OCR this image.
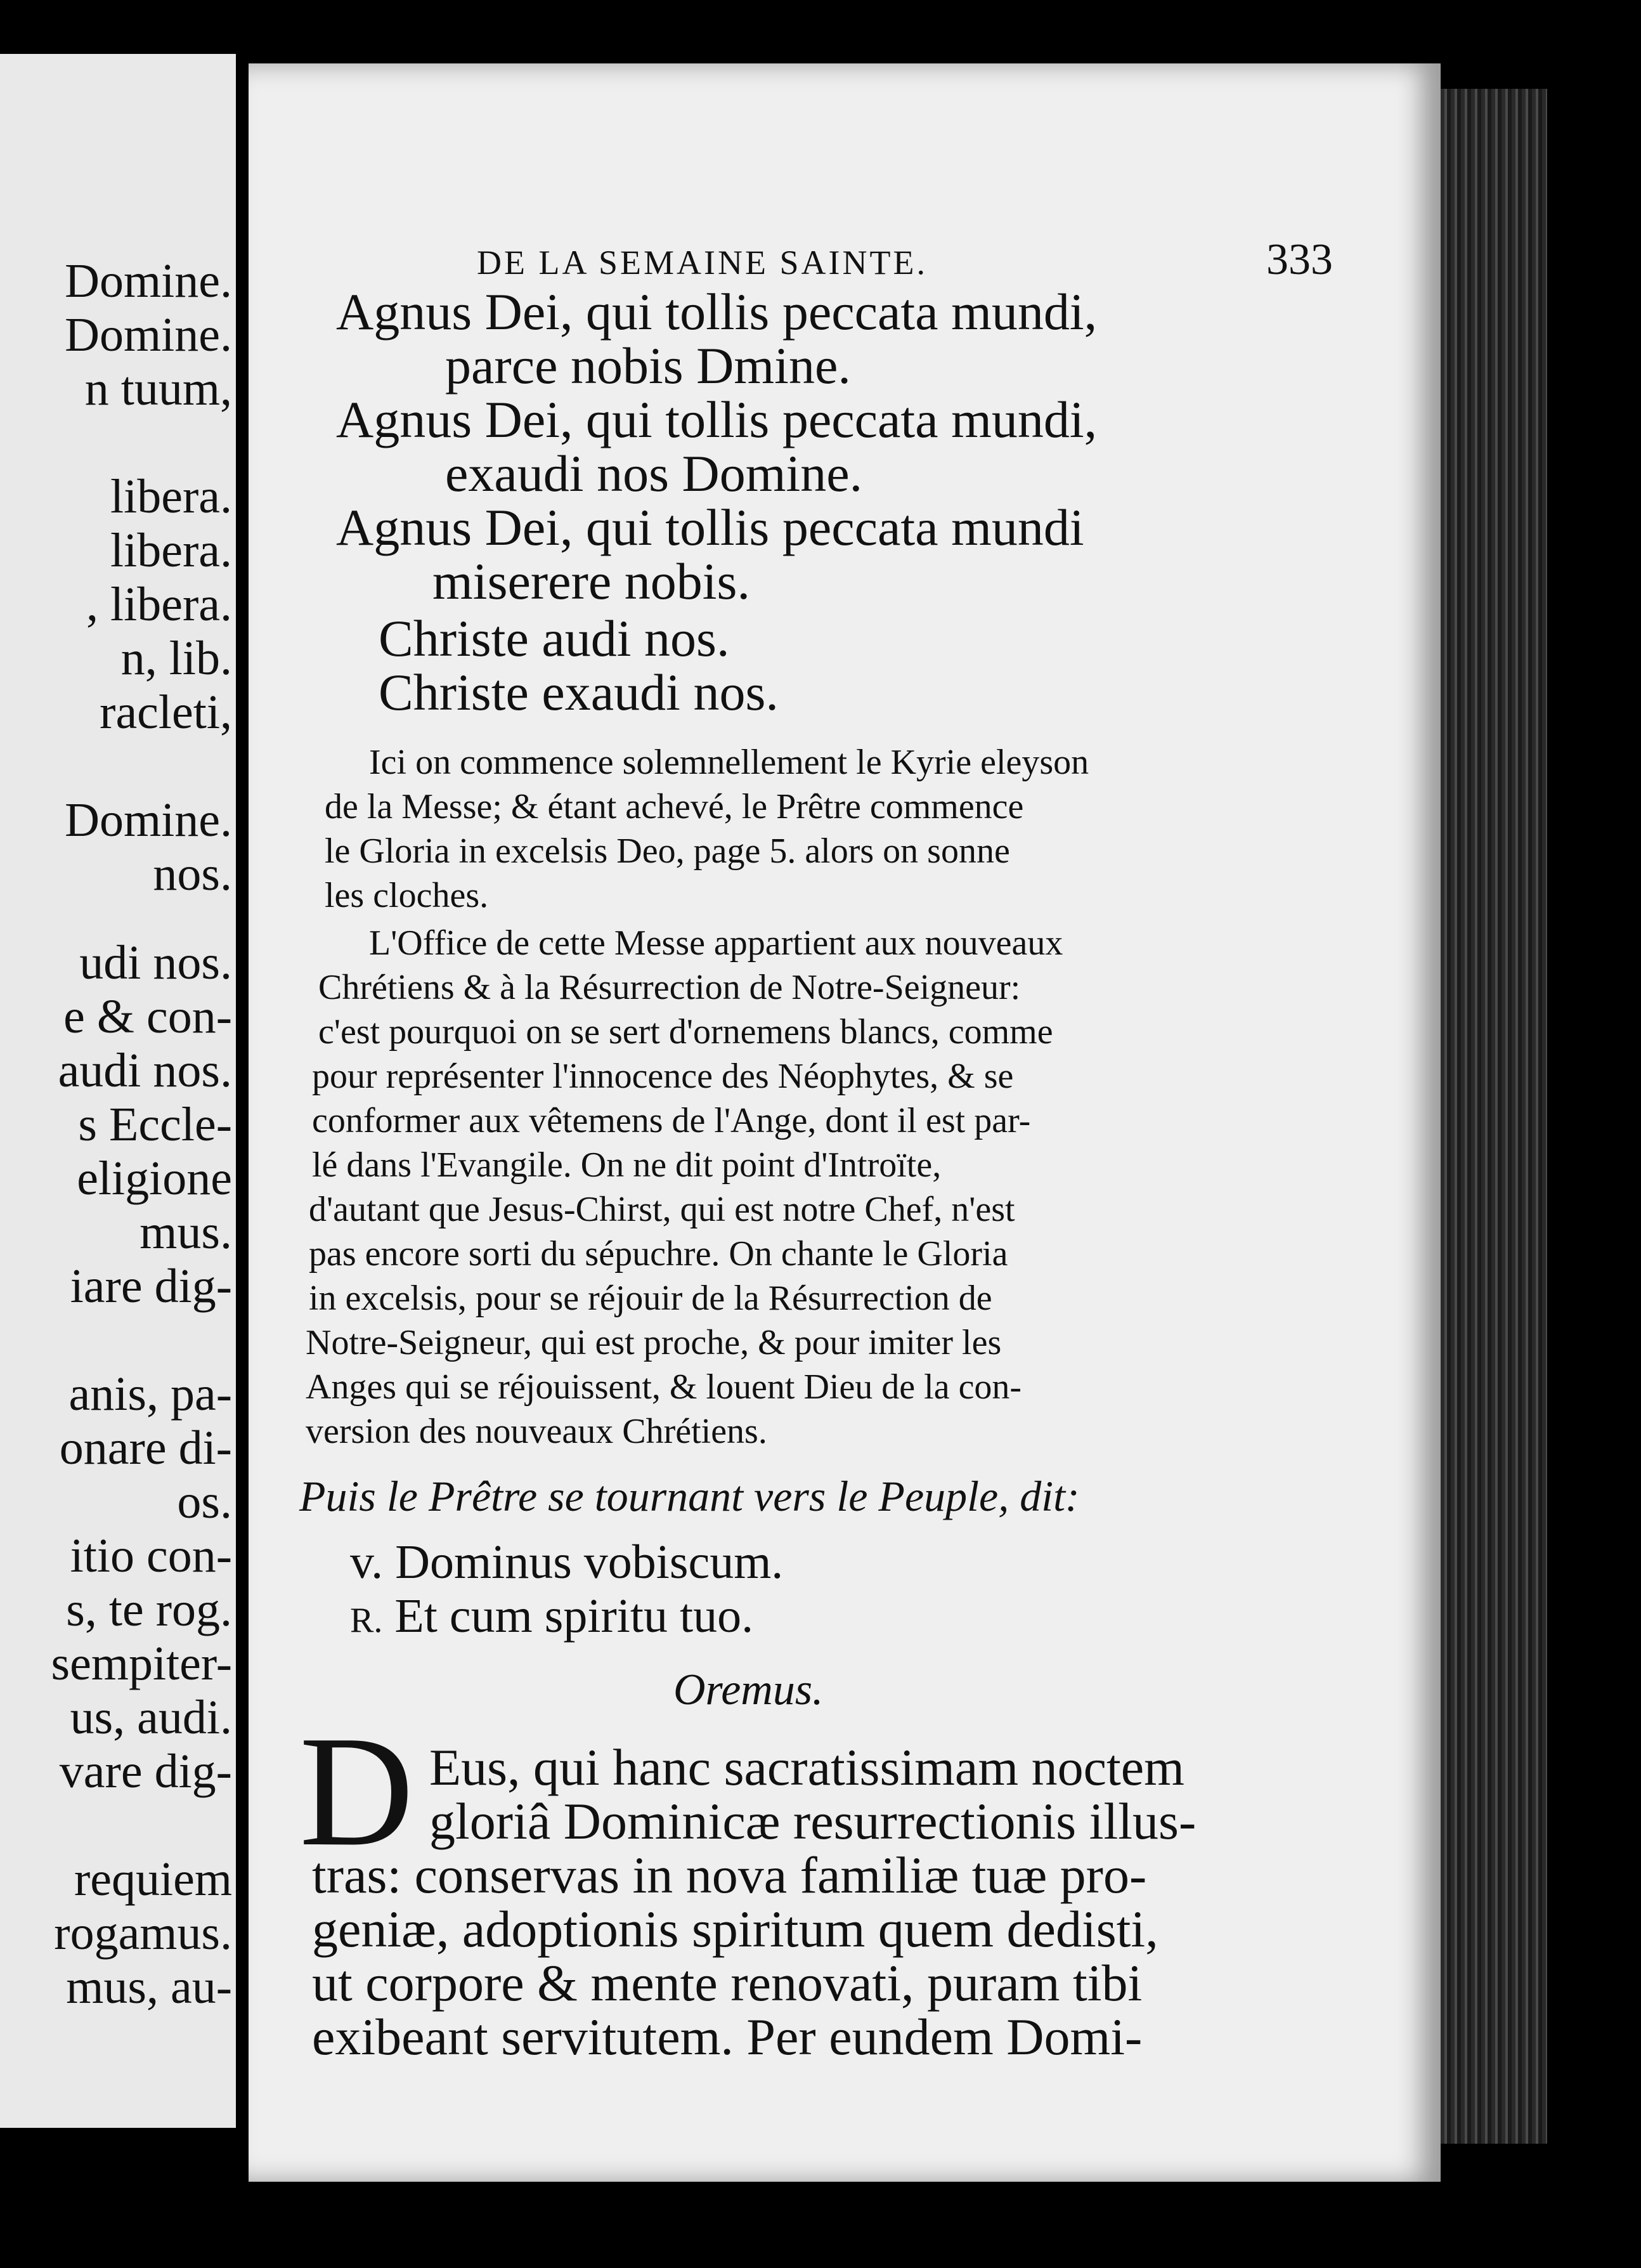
Domine.
Domine.
n tuum,
libera.
libera.
, libera.
n, lib.
racleti,
Domine.
nos.
udi nos.
e & con-
audi nos.
s Eccle-
eligione
mus.
iare dig-
anis, pa-
onare di-
os.
itio con-
s, te rog.
sempiter-
us, audi.
vare dig-
requiem
rogamus.
mus, au-
DE LA SEMAINE SAINTE.	333
Agnus Dei, qui tollis peccata mundi,
parce nobis Dmine.
Agnus Dei, qui tollis peccata mundi,
exaudi nos Domine.
Agnus Dei, qui tollis peccata mundi
miserere nobis.
Christe audi nos.
Christe exaudi nos.
Ici on commence solemnellement le Kyrie eleyson
de la Messe; & étant achevé, le Prêtre commence
le Gloria in excelsis Deo, page 5. alors on sonne
les cloches.
L'Office de cette Messe appartient aux nouveaux
Chrétiens & à la Résurrection de Notre-Seigneur:
c'est pourquoi on se sert d'ornemens blancs, comme
pour représenter l'innocence des Néophytes, & se
conformer aux vêtemens de l'Ange, dont il est par-
lé dans l'Evangile. On ne dit point d'Introïte,
d'autant que Jesus-Chirst, qui est notre Chef, n'est
pas encore sorti du sépuchre. On chante le Gloria
in excelsis, pour se réjouir de la Résurrection de
Notre-Seigneur, qui est proche, & pour imiter les
Anges qui se réjouissent, & louent Dieu de la con-
version des nouveaux Chrétiens.
Puis le Prêtre se tournant vers le Peuple, dit:
v. Dominus vobiscum.
R. Et cum spiritu tuo.
Oremus.
D Eus, qui hanc sacratissimam noctem
gloriâ Dominicæ resurrectionis illus-
tras: conservas in nova familiæ tuæ pro-
geniæ, adoptionis spiritum quem dedisti,
ut corpore & mente renovati, puram tibi
exibeant servitutem. Per eundem Domi-
